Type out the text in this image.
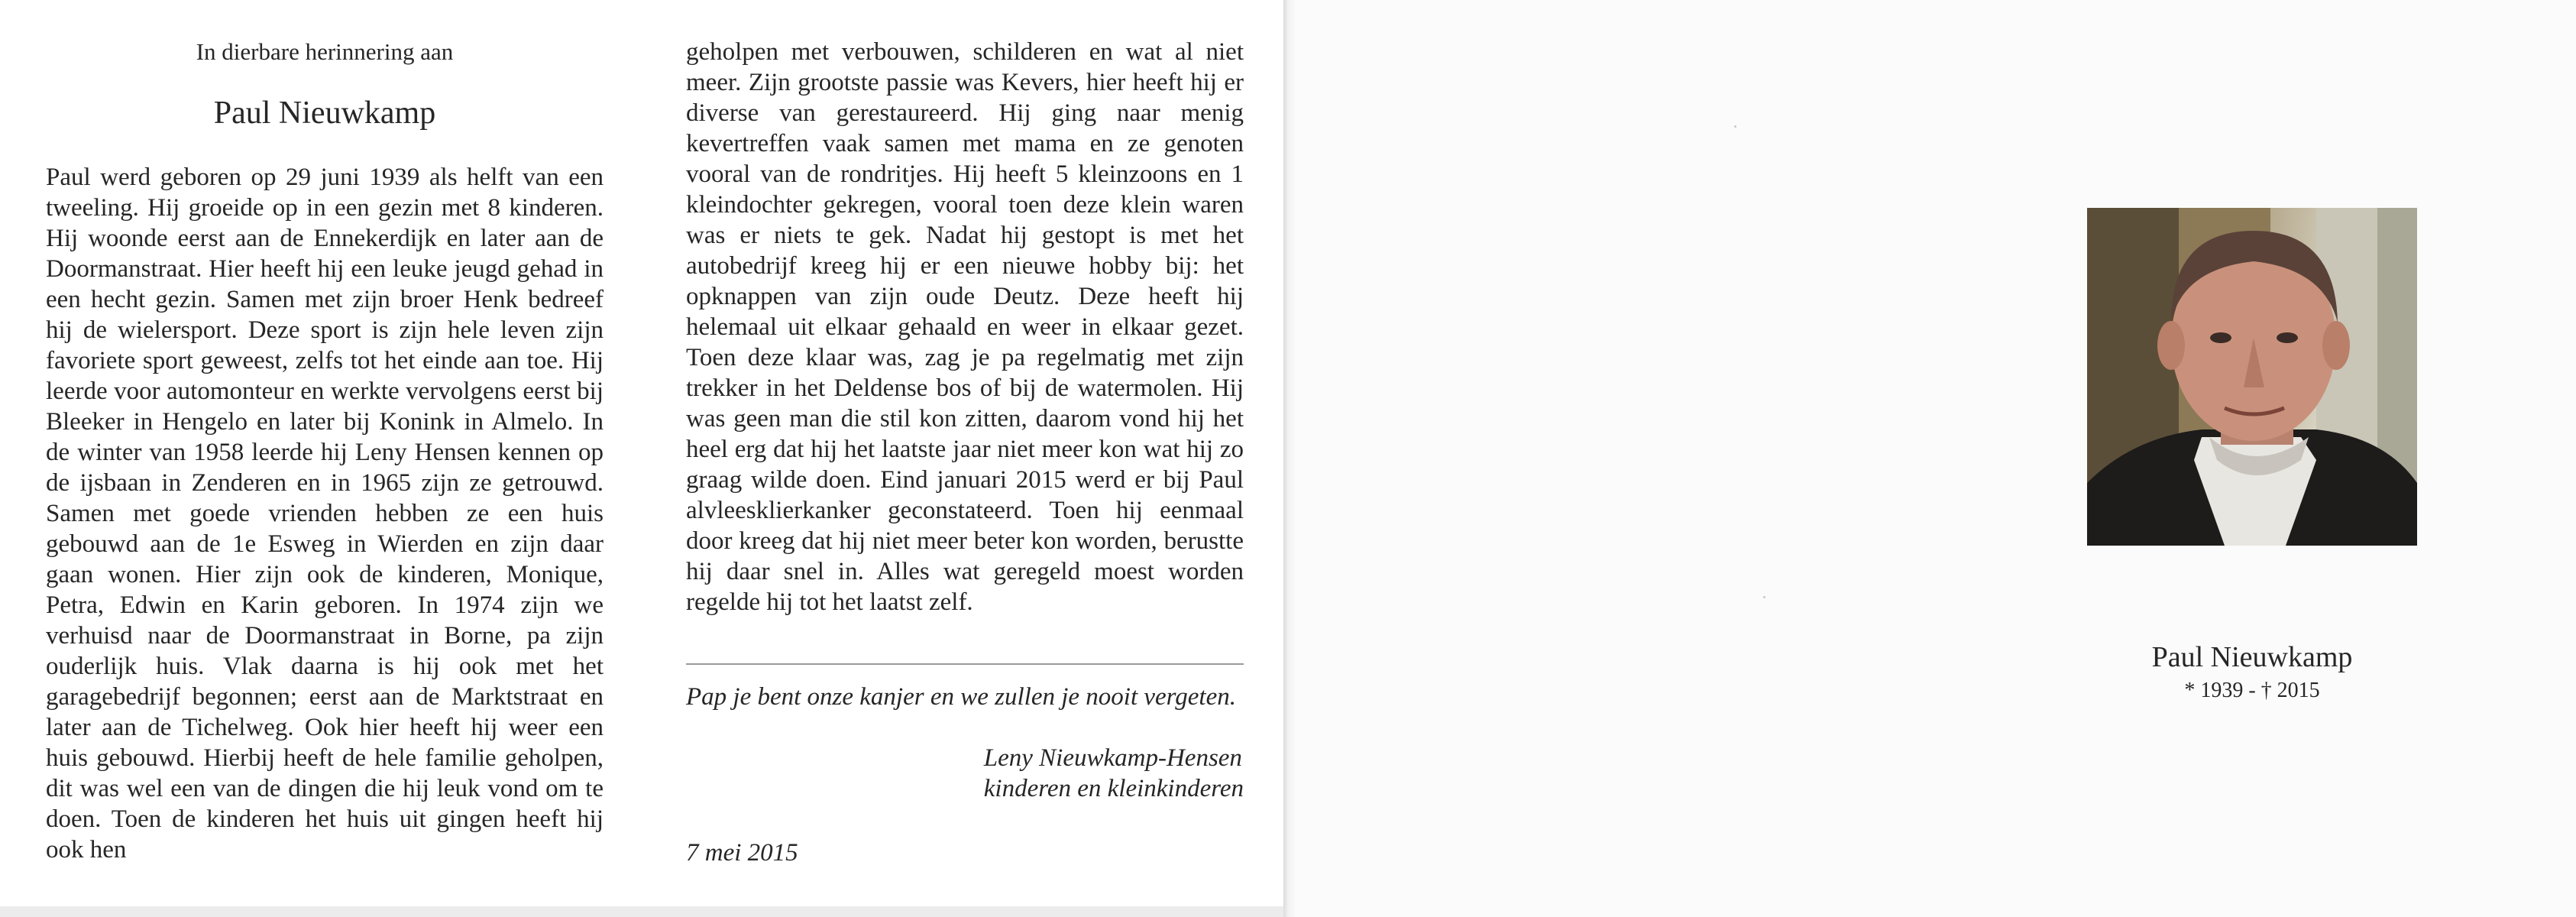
In dierbare herinnering aan
Paul Nieuwkamp

Paul werd geboren op 29 juni 1939 als helft van een tweeling. Hij groeide op in een gezin met 8 kinderen. Hij woonde eerst aan de Ennekerdijk en later aan de Doormanstraat. Hier heeft hij een leuke jeugd gehad in een hecht gezin. Samen met zijn broer Henk bedreef hij de wielersport. Deze sport is zijn hele leven zijn favoriete sport geweest, zelfs tot het einde aan toe. Hij leerde voor automonteur en werkte vervolgens eerst bij Bleeker in Hengelo en later bij Konink in Almelo. In de winter van 1958 leerde hij Leny Hensen kennen op de ijsbaan in Zenderen en in 1965 zijn ze getrouwd. Samen met goede vrienden hebben ze een huis gebouwd aan de 1e Esweg in Wierden en zijn daar gaan wonen. Hier zijn ook de kinderen, Monique, Petra, Edwin en Karin geboren. In 1974 zijn we verhuisd naar de Doormanstraat in Borne, pa zijn ouderlijk huis. Vlak daarna is hij ook met het garagebedrijf begonnen; eerst aan de Marktstraat en later aan de Tichelweg. Ook hier heeft hij weer een huis gebouwd. Hierbij heeft de hele familie geholpen, dit was wel een van de dingen die hij leuk vond om te doen. Toen de kinderen het huis uit gingen heeft hij ook hen

geholpen met verbouwen, schilderen en wat al niet meer. Zijn grootste passie was Kevers, hier heeft hij er diverse van gerestaureerd. Hij ging naar menig kevertreffen vaak samen met mama en ze genoten vooral van de rondritjes. Hij heeft 5 kleinzoons en 1 kleindochter gekregen, vooral toen deze klein waren was er niets te gek. Nadat hij gestopt is met het autobedrijf kreeg hij er een nieuwe hobby bij: het opknappen van zijn oude Deutz. Deze heeft hij helemaal uit elkaar gehaald en weer in elkaar gezet. Toen deze klaar was, zag je pa regelmatig met zijn trekker in het Deldense bos of bij de watermolen. Hij was geen man die stil kon zitten, daarom vond hij het heel erg dat hij het laatste jaar niet meer kon wat hij zo graag wilde doen. Eind januari 2015 werd er bij Paul alvleesklierkanker geconstateerd. Toen hij eenmaal door kreeg dat hij niet meer beter kon worden, berustte hij daar snel in. Alles wat geregeld moest worden regelde hij tot het laatst zelf.

Pap je bent onze kanjer en we zullen je nooit vergeten.
Leny Nieuwkamp-Hensen
kinderen en kleinkinderen
7 mei 2015
Paul Nieuwkamp
* 1939 - † 2015
